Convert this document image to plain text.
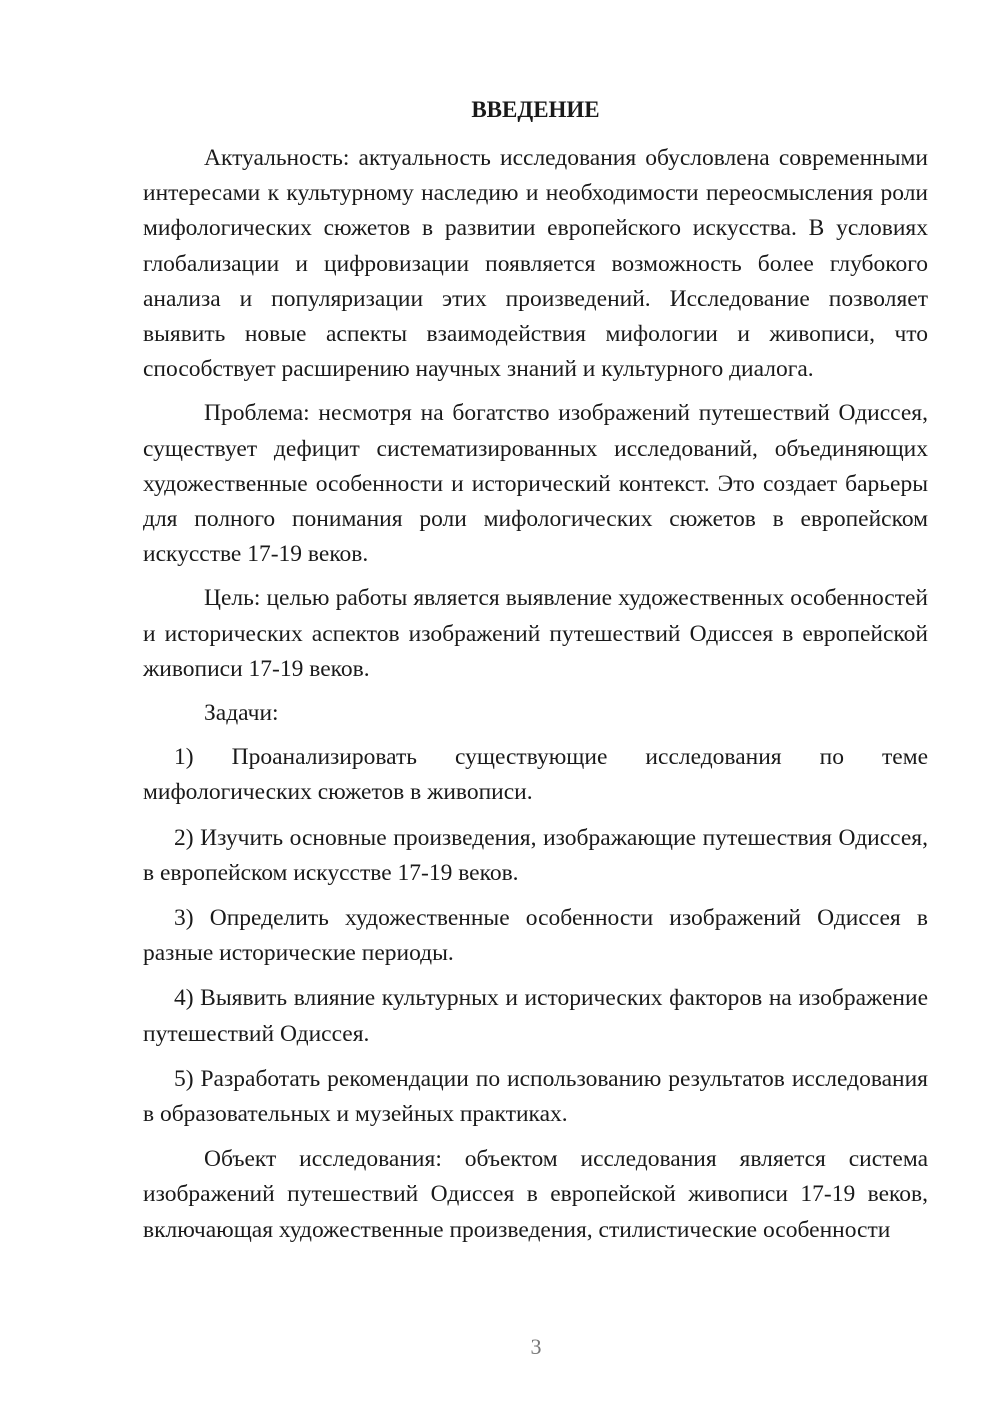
ВВЕДЕНИЕ
Актуальность: актуальность исследования обусловлена современными интересами к культурному наследию и необходимости переосмысления роли мифологических сюжетов в развитии европейского искусства. В условиях глобализации и цифровизации появляется возможность более глубокого анализа и популяризации этих произведений. Исследование позволяет выявить новые аспекты взаимодействия мифологии и живописи, что способствует расширению научных знаний и культурного диалога.
Проблема: несмотря на богатство изображений путешествий Одиссея, существует дефицит систематизированных исследований, объединяющих художественные особенности и исторический контекст. Это создает барьеры для полного понимания роли мифологических сюжетов в европейском искусстве 17-19 веков.
Цель: целью работы является выявление художественных особенностей и исторических аспектов изображений путешествий Одиссея в европейской живописи 17-19 веков.
Задачи:
1) Проанализировать существующие исследования по теме мифологических сюжетов в живописи.
2) Изучить основные произведения, изображающие путешествия Одиссея, в европейском искусстве 17-19 веков.
3) Определить художественные особенности изображений Одиссея в разные исторические периоды.
4) Выявить влияние культурных и исторических факторов на изображение путешествий Одиссея.
5) Разработать рекомендации по использованию результатов исследования в образовательных и музейных практиках.
Объект исследования: объектом исследования является система изображений путешествий Одиссея в европейской живописи 17-19 веков, включающая художественные произведения, стилистические особенности
3
